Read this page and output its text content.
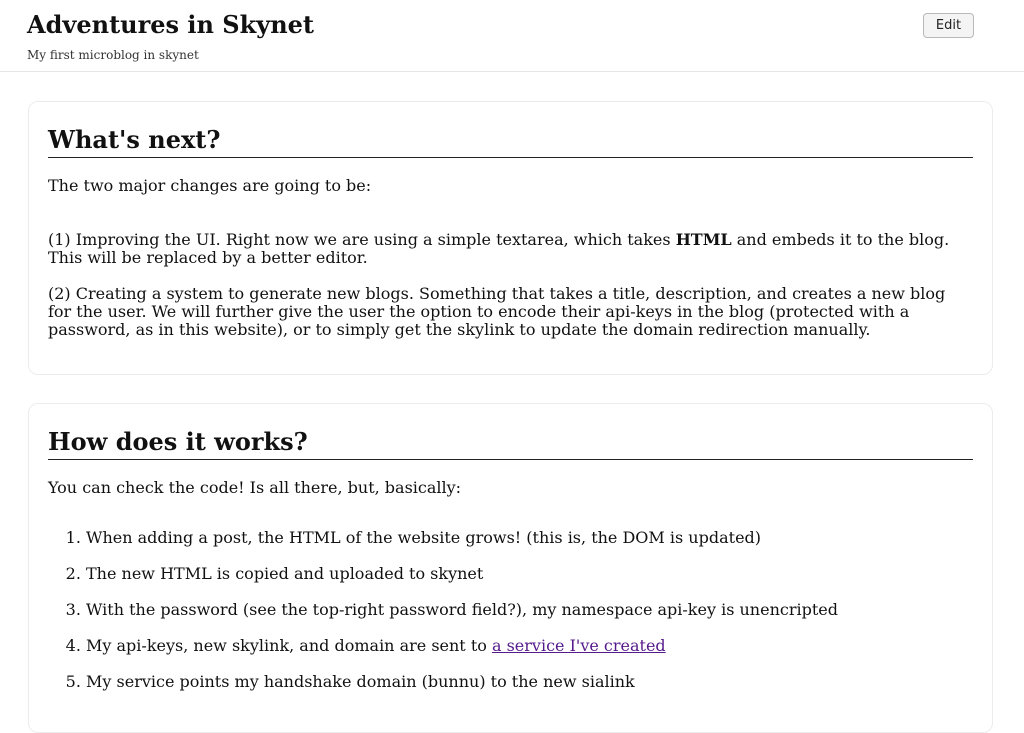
Adventures in Skynet

My first microblog in skynet

Edit
What's next?

The two major changes are going to be:

(1) Improving the UI. Right now we are using a simple textarea, which takes HTML and embeds it to the blog. This will be replaced by a better editor.

(2) Creating a system to generate new blogs. Something that takes a title, description, and creates a new blog for the user. We will further give the user the option to encode their api-keys in the blog (protected with a password, as in this website), or to simply get the skylink to update the domain redirection manually.

How does it works?

You can check the code! Is all there, but, basically:

1. When adding a post, the HTML of the website grows! (this is, the DOM is updated)
2. The new HTML is copied and uploaded to skynet
3. With the password (see the top-right password field?), my namespace api-key is unencripted
4. My api-keys, new skylink, and domain are sent to a service I've created
5. My service points my handshake domain (bunnu) to the new sialink
